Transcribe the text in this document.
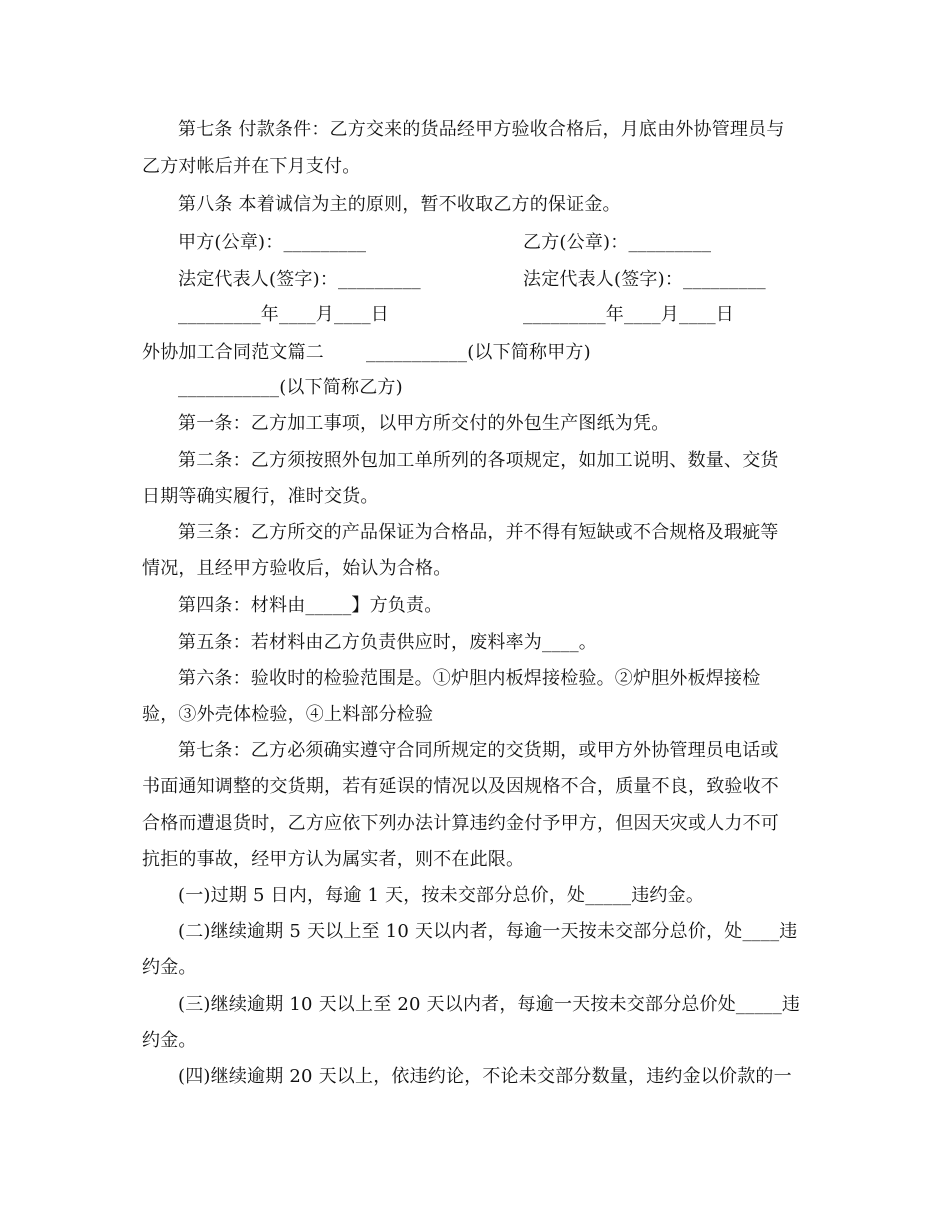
第七条 付款条件：乙方交来的货品经甲方验收合格后，月底由外协管理员与
乙方对帐后并在下月支付。
第八条 本着诚信为主的原则，暂不收取乙方的保证金。
甲方(公章)：_________	乙方(公章)：_________
法定代表人(签字)：_________	法定代表人(签字)：_________
_________年____月____日	_________年____月____日
外协加工合同范文篇二 ___________(以下简称甲方)
___________(以下简称乙方)
第一条：乙方加工事项，以甲方所交付的外包生产图纸为凭。
第二条：乙方须按照外包加工单所列的各项规定，如加工说明、数量、交货
日期等确实履行，准时交货。
第三条：乙方所交的产品保证为合格品，并不得有短缺或不合规格及瑕疵等
情况，且经甲方验收后，始认为合格。
第四条：材料由_____】方负责。
第五条：若材料由乙方负责供应时，废料率为____。
第六条：验收时的检验范围是。①炉胆内板焊接检验。②炉胆外板焊接检
验，③外壳体检验，④上料部分检验
第七条：乙方必须确实遵守合同所规定的交货期，或甲方外协管理员电话或
书面通知调整的交货期，若有延误的情况以及因规格不合，质量不良，致验收不
合格而遭退货时，乙方应依下列办法计算违约金付予甲方，但因天灾或人力不可
抗拒的事故，经甲方认为属实者，则不在此限。
(一)过期 5 日内，每逾 1 天，按未交部分总价，处_____违约金。
(二)继续逾期 5 天以上至 10 天以内者，每逾一天按未交部分总价，处____违
约金。
(三)继续逾期 10 天以上至 20 天以内者，每逾一天按未交部分总价处_____违
约金。
(四)继续逾期 20 天以上，依违约论，不论未交部分数量，违约金以价款的一
